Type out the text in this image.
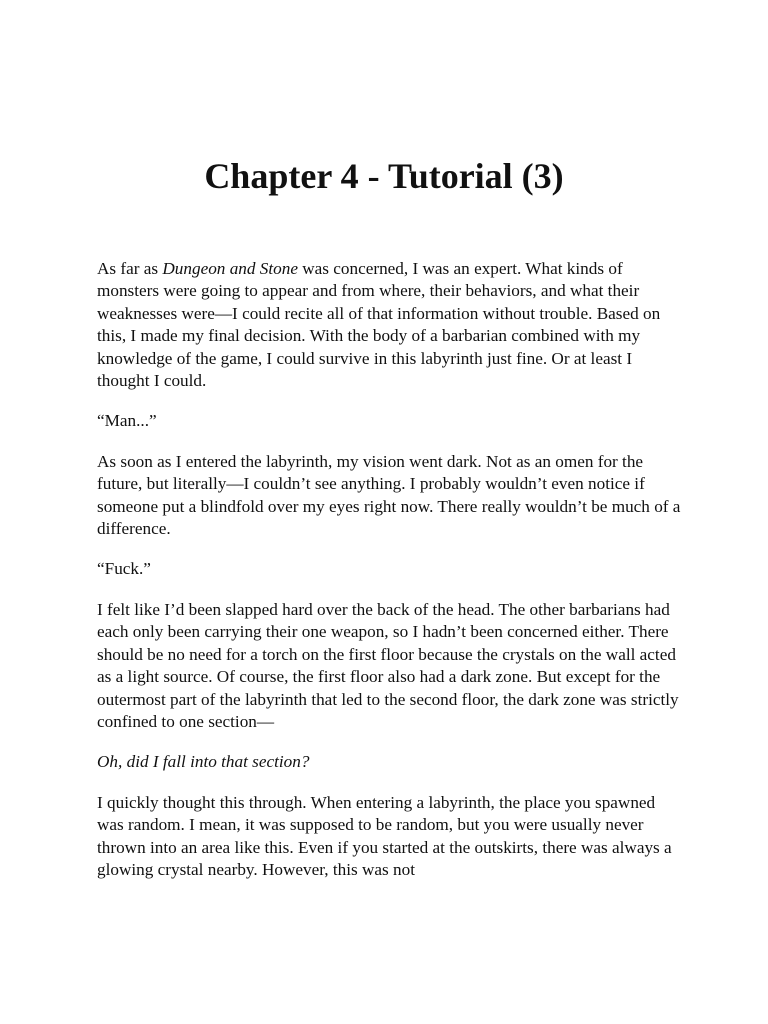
Chapter 4 - Tutorial (3)

As far as Dungeon and Stone was concerned, I was an expert. What kinds of monsters were going to appear and from where, their behaviors, and what their weaknesses were—I could recite all of that information without trouble. Based on this, I made my final decision. With the body of a barbarian combined with my knowledge of the game, I could survive in this labyrinth just fine. Or at least I thought I could.

“Man...”

As soon as I entered the labyrinth, my vision went dark. Not as an omen for the future, but literally—I couldn’t see anything. I probably wouldn’t even notice if someone put a blindfold over my eyes right now. There really wouldn’t be much of a difference.

“Fuck.”

I felt like I’d been slapped hard over the back of the head. The other barbarians had each only been carrying their one weapon, so I hadn’t been concerned either. There should be no need for a torch on the first floor because the crystals on the wall acted as a light source. Of course, the first floor also had a dark zone. But except for the outermost part of the labyrinth that led to the second floor, the dark zone was strictly confined to one section—

Oh, did I fall into that section?

I quickly thought this through. When entering a labyrinth, the place you spawned was random. I mean, it was supposed to be random, but you were usually never thrown into an area like this. Even if you started at the outskirts, there was always a glowing crystal nearby. However, this was not
